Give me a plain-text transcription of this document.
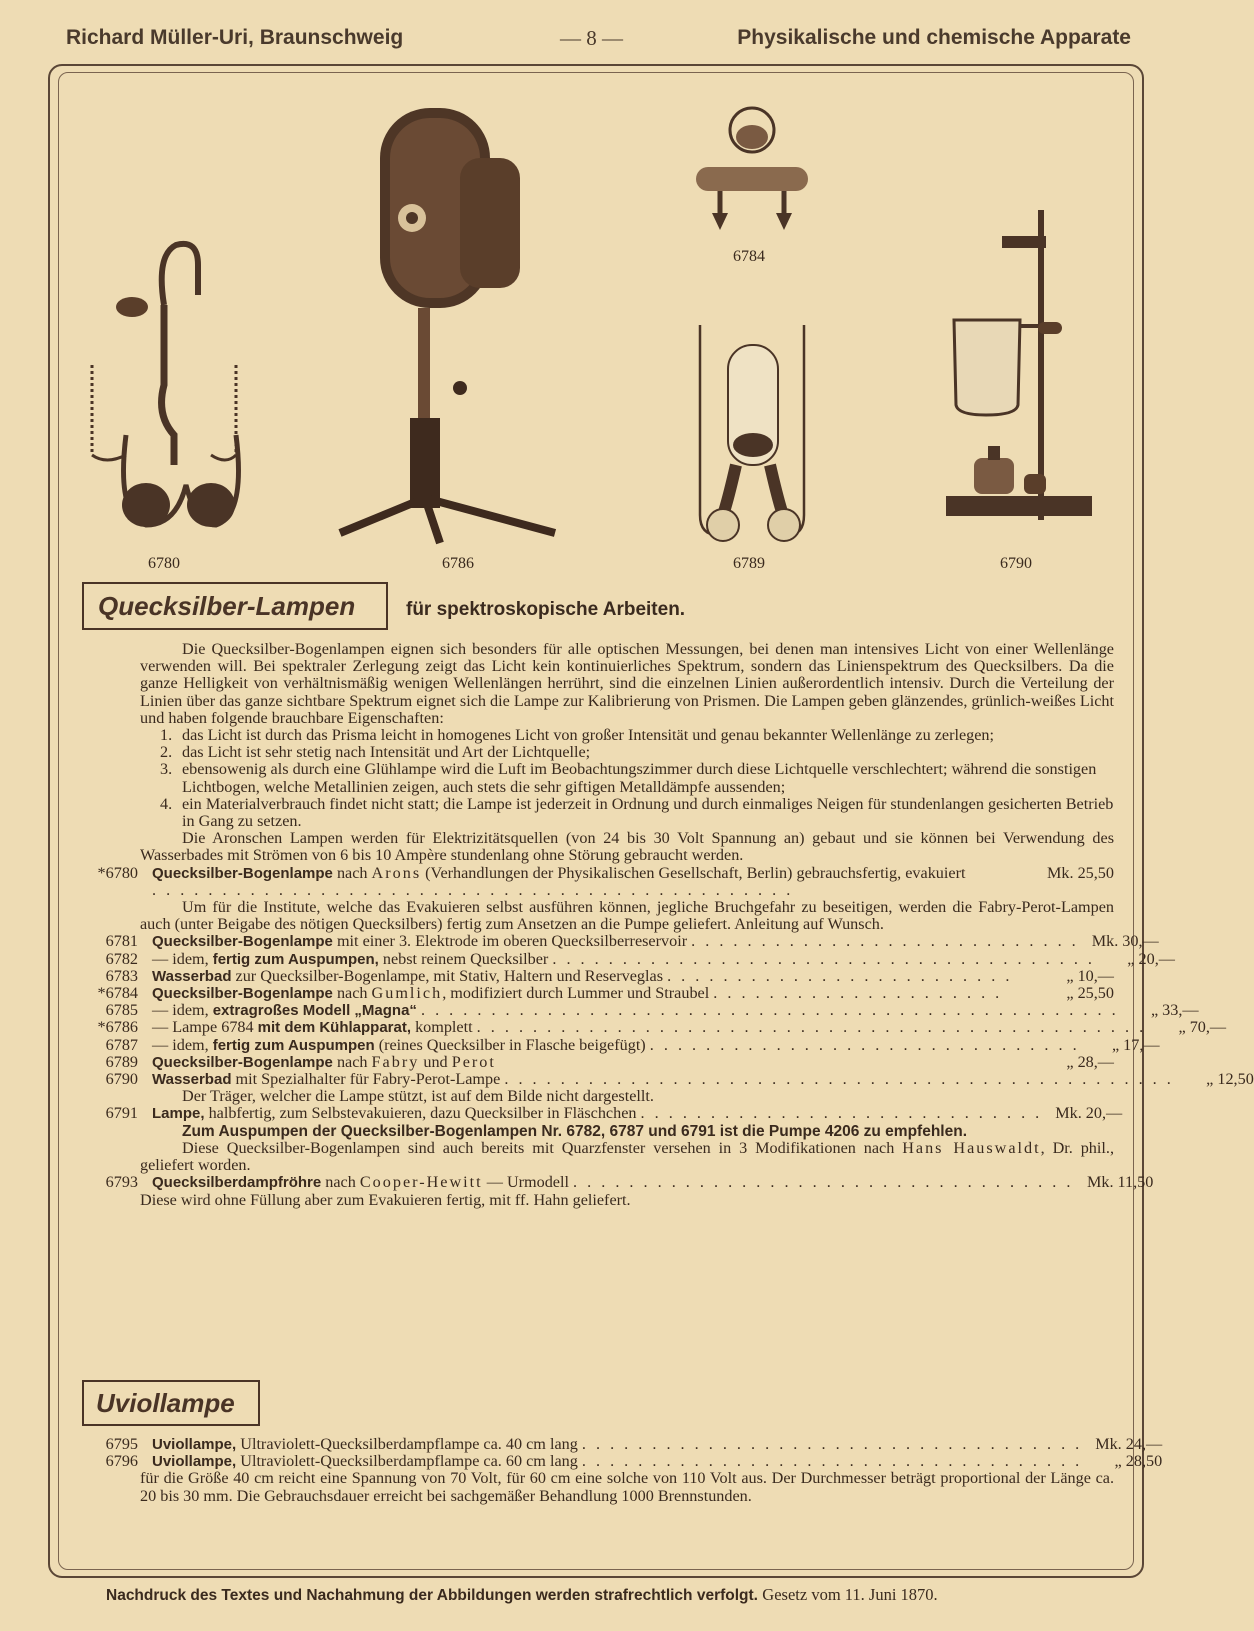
Richard Müller-Uri, Braunschweig	— 8 —	Physikalische und chemische Apparate
6780	6786
6784
6789	6790
Quecksilber-Lampen	für spektroskopische Arbeiten.
Die Quecksilber-Bogenlampen eignen sich besonders für alle optischen Messungen, bei denen man intensives Licht von einer Wellenlänge verwenden will. Bei spektraler Zerlegung zeigt das Licht kein kontinuierliches Spektrum, sondern das Linienspektrum des Quecksilbers. Da die ganze Helligkeit von verhältnismäßig wenigen Wellenlängen herrührt, sind die einzelnen Linien außerordentlich intensiv. Durch die Verteilung der Linien über das ganze sichtbare Spektrum eignet sich die Lampe zur Kalibrierung von Prismen. Die Lampen geben glänzendes, grünlich-weißes Licht und haben folgende brauchbare Eigenschaften:
1. das Licht ist durch das Prisma leicht in homogenes Licht von großer Intensität und genau bekannter Wellenlänge zu zerlegen;
2. das Licht ist sehr stetig nach Intensität und Art der Lichtquelle;
3. ebensowenig als durch eine Glühlampe wird die Luft im Beobachtungszimmer durch diese Lichtquelle verschlechtert; während die sonstigen Lichtbogen, welche Metallinien zeigen, auch stets die sehr giftigen Metalldämpfe aussenden;
4. ein Materialverbrauch findet nicht statt; die Lampe ist jederzeit in Ordnung und durch einmaliges Neigen für stundenlangen gesicherten Betrieb in Gang zu setzen.
Die Aronschen Lampen werden für Elektrizitätsquellen (von 24 bis 30 Volt Spannung an) gebaut und sie können bei Verwendung des Wasserbades mit Strömen von 6 bis 10 Ampère stundenlang ohne Störung gebraucht werden.
*6780 Quecksilber-Bogenlampe nach Arons (Verhandlungen der Physikalischen Gesellschaft, Berlin) gebrauchsfertig, evakuiert . . . . . . . . . . . . . . . . . . . . . . . . . . . . . . . . . . . . . . . . . . . . . .
Mk. 25,50
Um für die Institute, welche das Evakuieren selbst ausführen können, jegliche Bruchgefahr zu beseitigen, werden die Fabry-Perot-Lampen auch (unter Beigabe des nötigen Quecksilbers) fertig zum Ansetzen an die Pumpe geliefert. Anleitung auf Wunsch.
6781 Quecksilber-Bogenlampe mit einer 3. Elektrode im oberen Quecksilberreservoir . . . . . . . . . . . . . . . . . . . . . . . . . . . . Mk. 30,—
6782 — idem, fertig zum Auspumpen, nebst reinem Quecksilber . . . . . . . . . . . . . . . . . . . . . . . . . . . . . . . . . . . . . . .	„ 20,—
6783 Wasserbad zur Quecksilber-Bogenlampe, mit Stativ, Haltern und Reserveglas . . . . . . . . . . . . . . . . . . . . . . . . .	„ 10,—
*6784 Quecksilber-Bogenlampe nach Gumlich, modifiziert durch Lummer und Straubel . . . . . . . . . . . . . . . . . . . . .	„ 25,50
6785 — idem, extragroßes Modell „Magna“ . . . . . . . . . . . . . . . . . . . . . . . . . . . . . . . . . . . . . . . . . . . . . . . . . .	„ 33,—
*6786 — Lampe 6784 mit dem Kühlapparat, komplett . . . . . . . . . . . . . . . . . . . . . . . . . . . . . . . . . . . . . . . . . . . . . . . .	„ 70,—
6787 — idem, fertig zum Auspumpen (reines Quecksilber in Flasche beigefügt) . . . . . . . . . . . . . . . . . . . . . . . . . . . . . . .	„ 17,—
6789 Quecksilber-Bogenlampe nach Fabry und Perot	„ 28,—
6790 Wasserbad mit Spezialhalter für Fabry-Perot-Lampe . . . . . . . . . . . . . . . . . . . . . . . . . . . . . . . . . . . . . . . . . . . . . . . .	„ 12,50
Der Träger, welcher die Lampe stützt, ist auf dem Bilde nicht dargestellt.
6791 Lampe, halbfertig, zum Selbstevakuieren, dazu Quecksilber in Fläschchen . . . . . . . . . . . . . . . . . . . . . . . . . . . . . Mk. 20,—
Zum Auspumpen der Quecksilber-Bogenlampen Nr. 6782, 6787 und 6791 ist die Pumpe 4206 zu empfehlen.
Diese Quecksilber-Bogenlampen sind auch bereits mit Quarzfenster versehen in 3 Modifikationen nach Hans Hauswaldt, Dr. phil., geliefert worden.
6793 Quecksilberdampfröhre nach Cooper-Hewitt — Urmodell . . . . . . . . . . . . . . . . . . . . . . . . . . . . . . . . . . . . Mk. 11,50
Diese wird ohne Füllung aber zum Evakuieren fertig, mit ff. Hahn geliefert.
Uviollampe
6795 Uviollampe, Ultraviolett-Quecksilberdampflampe ca. 40 cm lang . . . . . . . . . . . . . . . . . . . . . . . . . . . . . . . . . . . . Mk. 24,—
6796 Uviollampe, Ultraviolett-Quecksilberdampflampe ca. 60 cm lang . . . . . . . . . . . . . . . . . . . . . . . . . . . . . . . . . . . .	„ 28,50
für die Größe 40 cm reicht eine Spannung von 70 Volt, für 60 cm eine solche von 110 Volt aus. Der Durchmesser beträgt proportional der Länge ca. 20 bis 30 mm. Die Gebrauchsdauer erreicht bei sachgemäßer Behandlung 1000 Brennstunden.
Nachdruck des Textes und Nachahmung der Abbildungen werden strafrechtlich verfolgt. Gesetz vom 11. Juni 1870.
